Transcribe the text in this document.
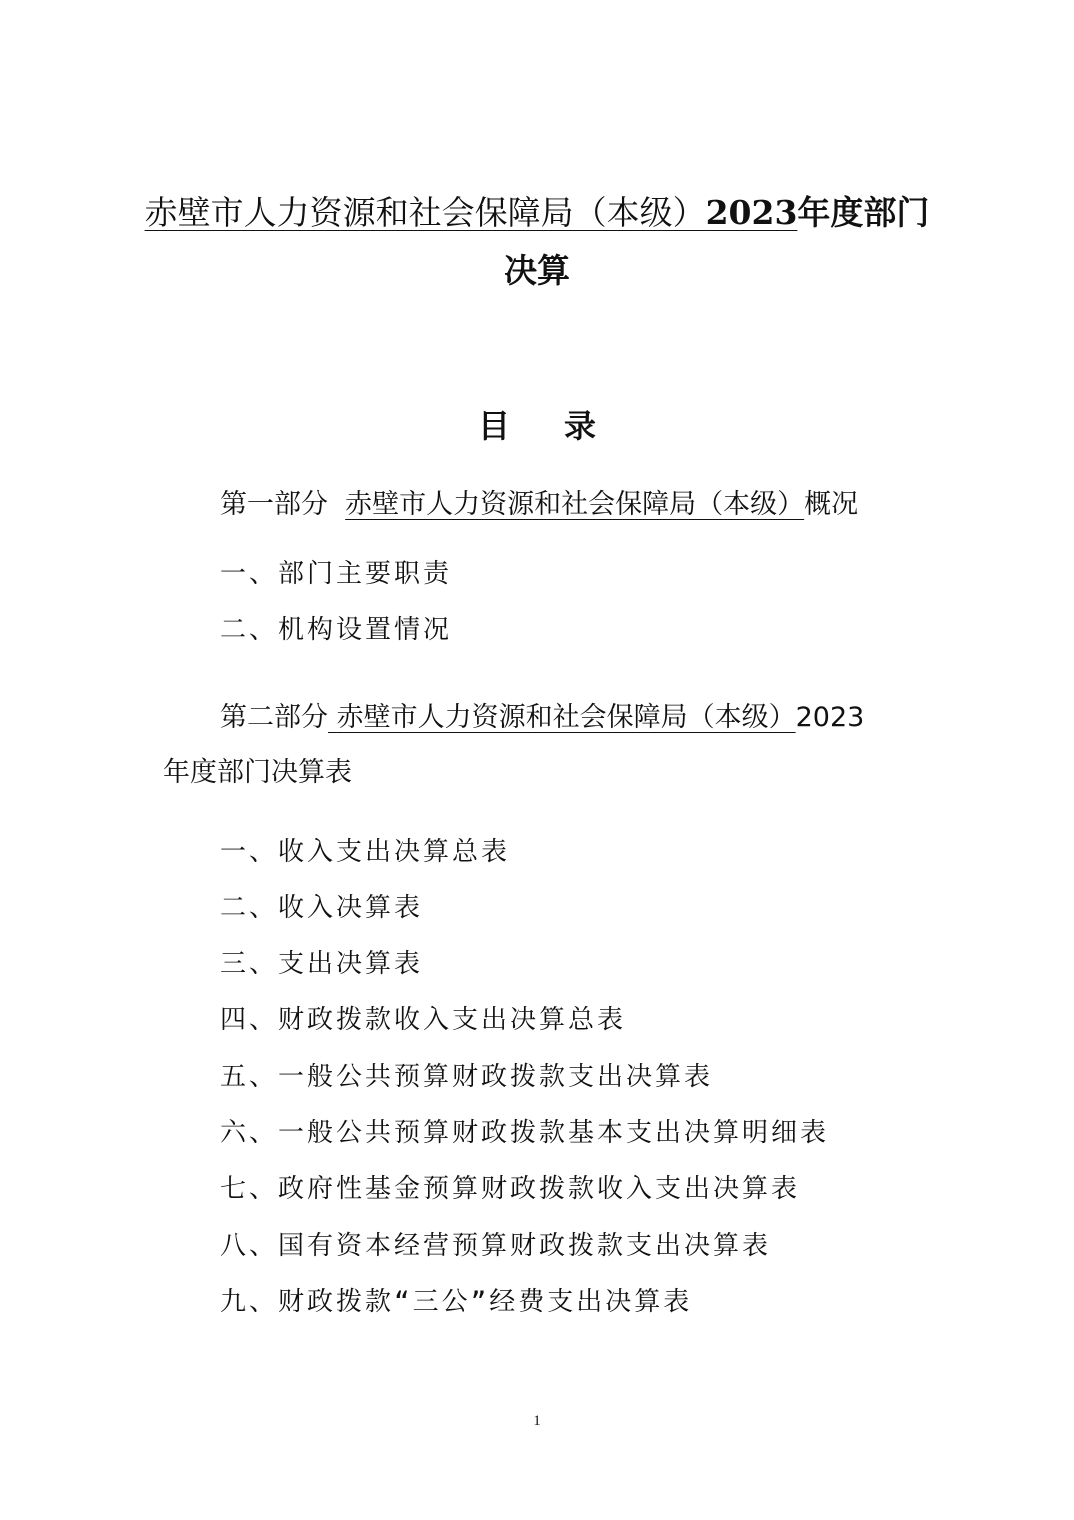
赤壁市人力资源和社会保障局（本级）2023年度部门
决算
目 录
第一部分 赤壁市人力资源和社会保障局（本级）概况
一、部门主要职责
二、机构设置情况
第二部分 赤壁市人力资源和社会保障局（本级）2023
年度部门决算表
一、收入支出决算总表
二、收入决算表
三、支出决算表
四、财政拨款收入支出决算总表
五、一般公共预算财政拨款支出决算表
六、一般公共预算财政拨款基本支出决算明细表
七、政府性基金预算财政拨款收入支出决算表
八、国有资本经营预算财政拨款支出决算表
九、财政拨款“三公”经费支出决算表
1
